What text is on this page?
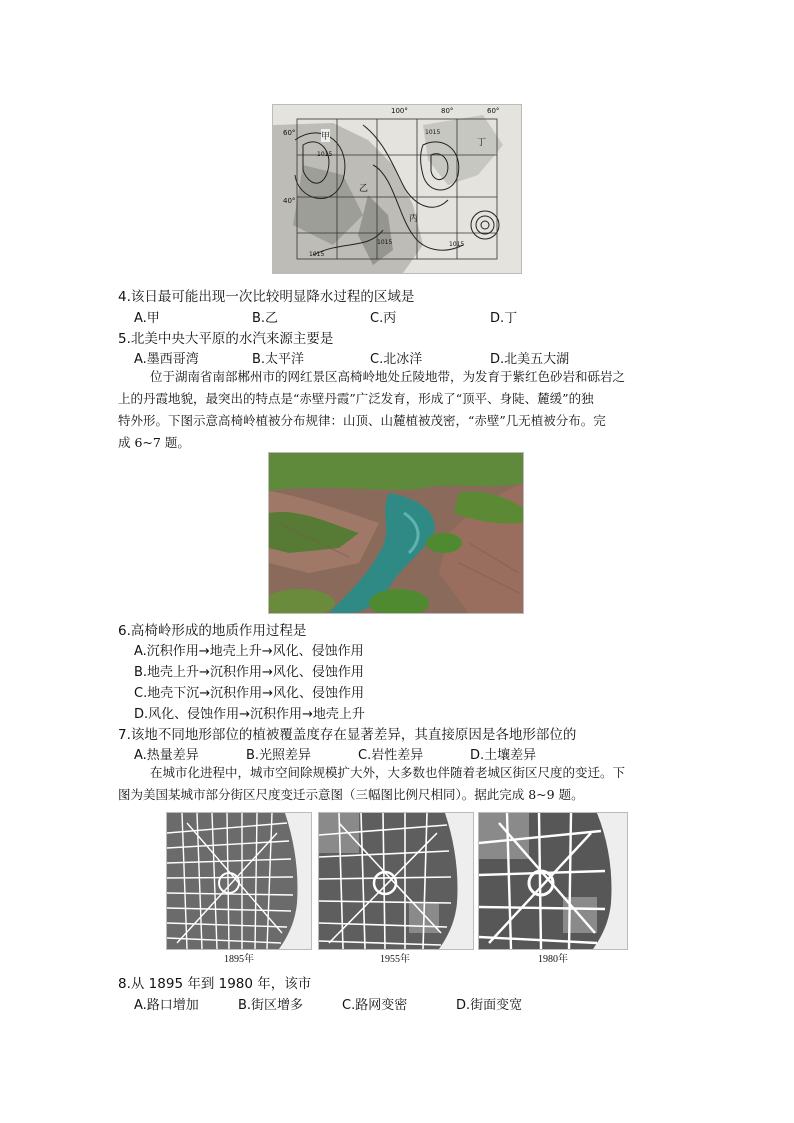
100°	80°	60°
60°
40°
甲
乙
丙
丁
1015
1015
1015
1015
1015
4.该日最可能出现一次比较明显降水过程的区域是
A.甲	B.乙	C.丙	D.丁
5.北美中央大平原的水汽来源主要是
A.墨西哥湾	B.太平洋	C.北冰洋	D.北美五大湖
位于湖南省南部郴州市的网红景区高椅岭地处丘陵地带，为发育于紫红色砂岩和砾岩之
上的丹霞地貌，最突出的特点是“赤壁丹霞”广泛发育，形成了“顶平、身陡、麓缓”的独
特外形。下图示意高椅岭植被分布规律：山顶、山麓植被茂密，“赤壁”几无植被分布。完
成 6~7 题。
6.高椅岭形成的地质作用过程是
A.沉积作用→地壳上升→风化、侵蚀作用
B.地壳上升→沉积作用→风化、侵蚀作用
C.地壳下沉→沉积作用→风化、侵蚀作用
D.风化、侵蚀作用→沉积作用→地壳上升
7.该地不同地形部位的植被覆盖度存在显著差异，其直接原因是各地形部位的
A.热量差异	B.光照差异	C.岩性差异	D.土壤差异
在城市化进程中，城市空间除规模扩大外，大多数也伴随着老城区街区尺度的变迁。下
图为美国某城市部分街区尺度变迁示意图（三幅图比例尺相同）。据此完成 8~9 题。
1895年	1955年	1980年
8.从 1895 年到 1980 年，该市
A.路口增加	B.街区增多	C.路网变密	D.街面变宽
